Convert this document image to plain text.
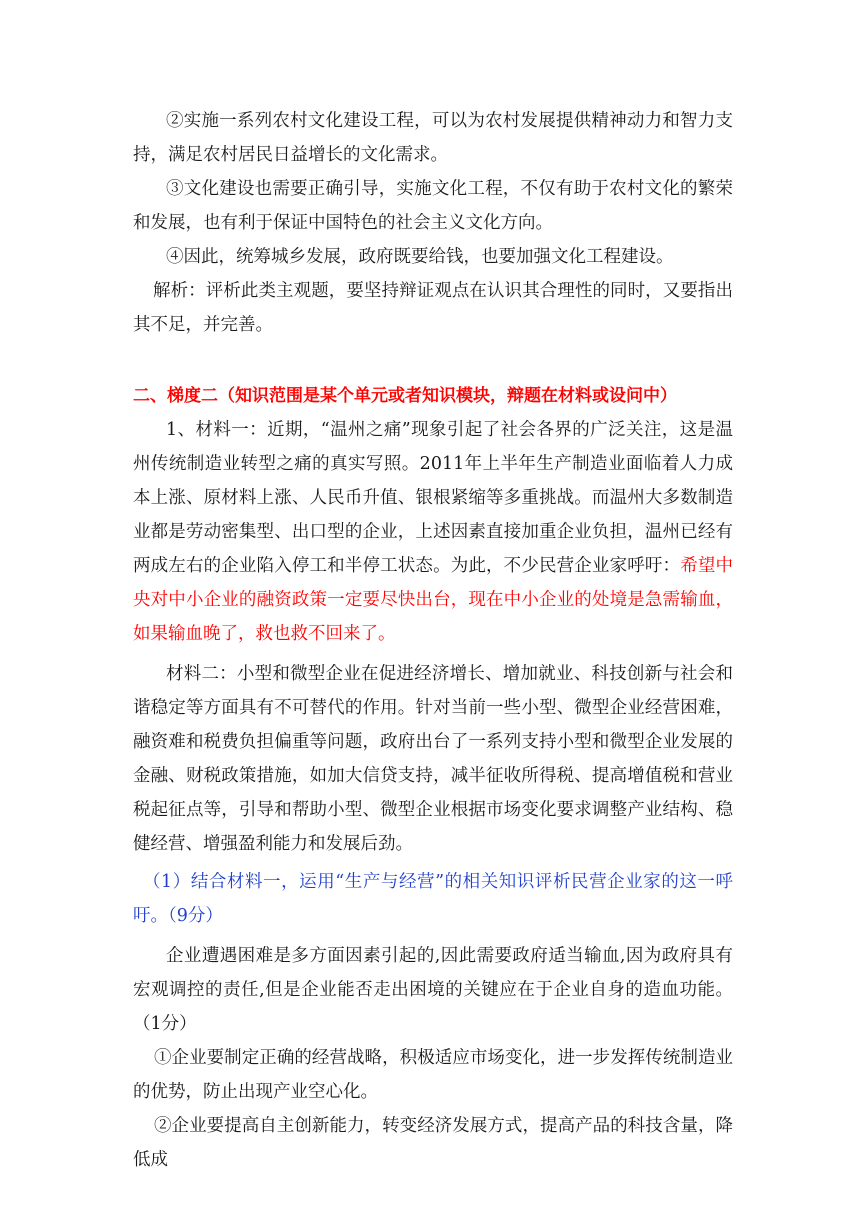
②实施一系列农村文化建设工程，可以为农村发展提供精神动力和智力支持，满足农村居民日益增长的文化需求。

③文化建设也需要正确引导，实施文化工程，不仅有助于农村文化的繁荣和发展，也有利于保证中国特色的社会主义文化方向。

④因此，统筹城乡发展，政府既要给钱，也要加强文化工程建设。

解析：评析此类主观题，要坚持辩证观点在认识其合理性的同时，又要指出其不足，并完善。

二、梯度二（知识范围是某个单元或者知识模块，辩题在材料或设问中）

1、材料一：近期，“温州之痛”现象引起了社会各界的广泛关注，这是温州传统制造业转型之痛的真实写照。2011年上半年生产制造业面临着人力成本上涨、原材料上涨、人民币升值、银根紧缩等多重挑战。而温州大多数制造业都是劳动密集型、出口型的企业，上述因素直接加重企业负担，温州已经有两成左右的企业陷入停工和半停工状态。为此，不少民营企业家呼吁：希望中央对中小企业的融资政策一定要尽快出台，现在中小企业的处境是急需输血，如果输血晚了，救也救不回来了。

材料二：小型和微型企业在促进经济增长、增加就业、科技创新与社会和谐稳定等方面具有不可替代的作用。针对当前一些小型、微型企业经营困难，融资难和税费负担偏重等问题，政府出台了一系列支持小型和微型企业发展的金融、财税政策措施，如加大信贷支持，减半征收所得税、提高增值税和营业税起征点等，引导和帮助小型、微型企业根据市场变化要求调整产业结构、稳健经营、增强盈利能力和发展后劲。

（1）结合材料一，运用“生产与经营”的相关知识评析民营企业家的这一呼吁。（9分）

企业遭遇困难是多方面因素引起的,因此需要政府适当输血,因为政府具有宏观调控的责任,但是企业能否走出困境的关键应在于企业自身的造血功能。（1分）

①企业要制定正确的经营战略，积极适应市场变化，进一步发挥传统制造业的优势，防止出现产业空心化。

②企业要提高自主创新能力，转变经济发展方式，提高产品的科技含量，降低成
